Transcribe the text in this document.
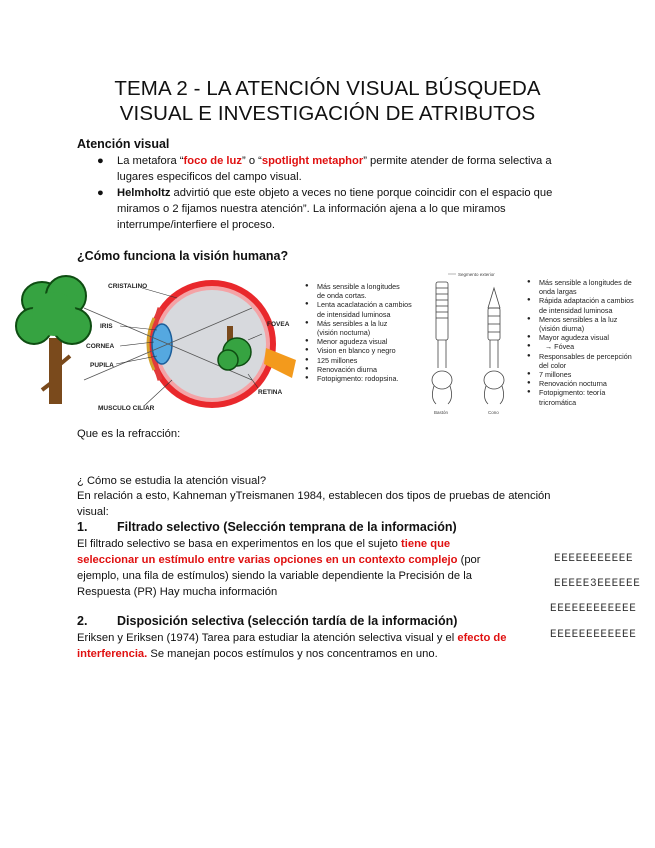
TEMA 2 - LA ATENCIÓN VISUAL BÚSQUEDA
VISUAL E INVESTIGACIÓN DE ATRIBUTOS
Atención visual
● La metafora “foco de luz” o “spotlight metaphor” permite atender de forma selectiva a
lugares especificos del campo visual.
● Helmholtz advirtió que este objeto a veces no tiene porque coincidir con el espacio que
miramos o 2 fijamos nuestra atención”. La información ajena a lo que miramos
interrumpe/interfiere el proceso.
¿Cómo funciona la visión humana?
CRISTALINO
IRIS
CORNEA
PUPILA
MUSCULO CILIAR
FOVEA
RETINA
● Más sensible a longitudes
de onda cortas.
● Lenta acaclatación a cambios
de intensidad luminosa
● Más sensibles a la luz
(visión nocturna)
● Menor agudeza visual
● Vision en blanco y negro
● 125 millones
● Renovación diurna
● Fotopigmento: rodopsina.
Segmento exterior
Bastón	Cono
● Más sensible a longitudes de
onda largas
● Rápida adaptación a cambios
de intensidad luminosa
● Menos sensibles a la luz
(visión diurna)
● Mayor agudeza visual
● → Fóvea
● Responsables de percepción
del color
● 7 millones
● Renovación nocturna
● Fotopigmento: teoría
tricromática
Que es la refracción:
¿ Cómo se estudia la atención visual?
En relación a esto, Kahneman yTreismanen 1984, establecen dos tipos de pruebas de atención
visual:
1. Filtrado selectivo (Selección temprana de la información)
El filtrado selectivo se basa en experimentos en los que el sujeto tiene que
seleccionar un estímulo entre varias opciones en un contexto complejo (por
ejemplo, una fila de estímulos) siendo la variable dependiente la Precisión de la
Respuesta (PR) Hay mucha información
2. Disposición selectiva (selección tardía de la información)
Eriksen y Eriksen (1974) Tarea para estudiar la atención selectiva visual y el efecto de
interferencia. Se manejan pocos estímulos y nos concentramos en uno.
EEEEEEEEEEE
EEEEE3EEEEEE
EEEEEEEEEEEE
EEEEEEEEEEEE
